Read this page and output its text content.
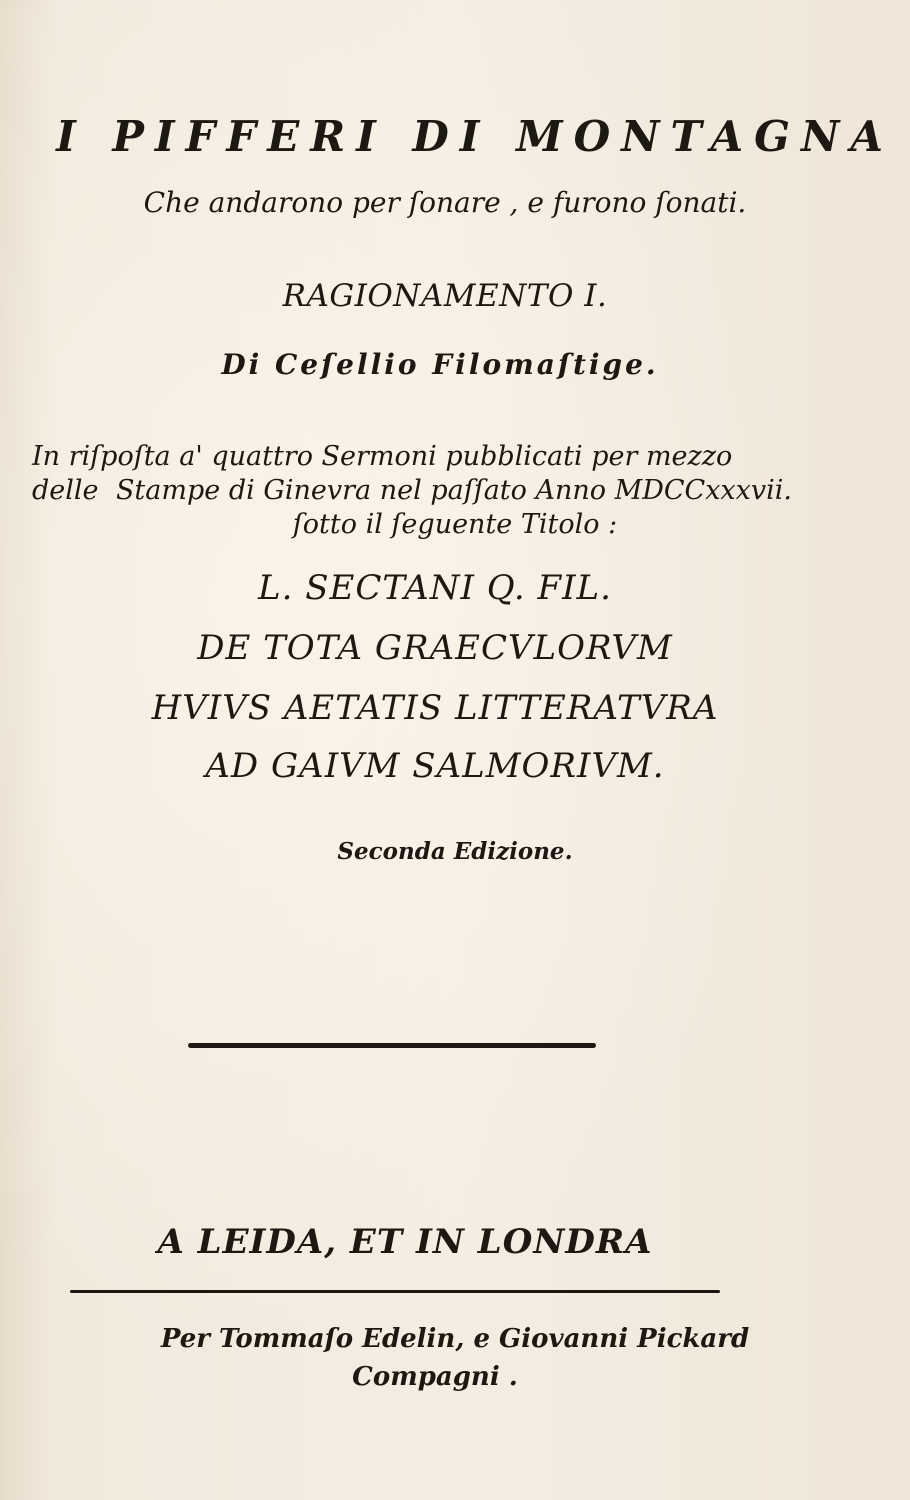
I PIFFERI DI MONTAGNA
Che andarono per ſonare , e furono ſonati.
RAGIONAMENTO I.
Di Ceſellio Filomaſtige.
In riſpoſta a' quattro Sermoni pubblicati per mezzo delle Stampe di Ginevra nel paſſato Anno MDCCxxxvii.
ſotto il ſeguente Titolo :
L. SECTANI Q. FIL.
DE TOTA GRAECVLORVM
HVIVS AETATIS LITTERATVRA
AD GAIVM SALMORIVM.
Seconda Edizione.
A LEIDA, ET IN LONDRA
Per Tommaſo Edelin, e Giovanni Pickard
Compagni .
